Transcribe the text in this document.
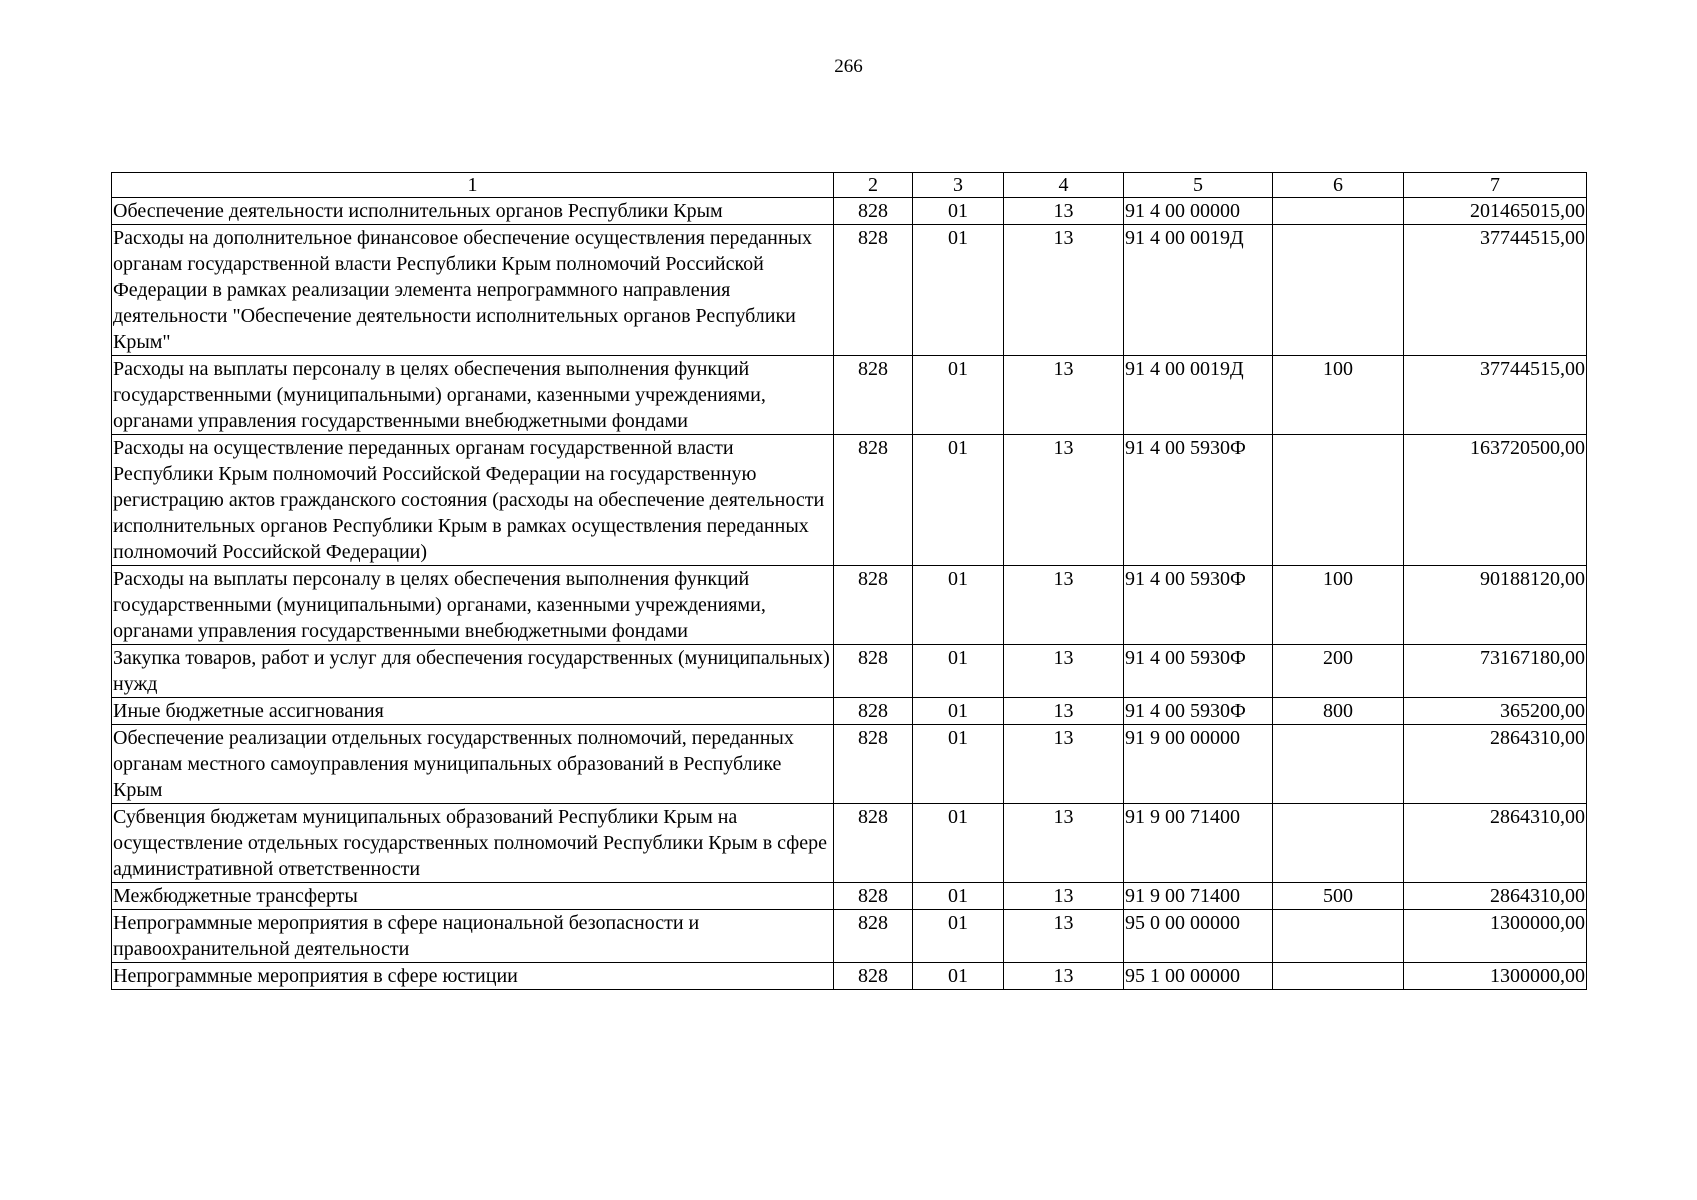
266
1	2	3	4	5	6	7
Обеспечение деятельности исполнительных органов Республики Крым	828	01	13	91 4 00 00000		201465015,00
Расходы на дополнительное финансовое обеспечение осуществления переданных органам государственной власти Республики Крым полномочий Российской Федерации в рамках реализации элемента непрограммного направления деятельности "Обеспечение деятельности исполнительных органов Республики Крым"	828	01	13	91 4 00 0019Д		37744515,00
Расходы на выплаты персоналу в целях обеспечения выполнения функций государственными (муниципальными) органами, казенными учреждениями, органами управления государственными внебюджетными фондами	828	01	13	91 4 00 0019Д	100	37744515,00
Расходы на осуществление переданных органам государственной власти Республики Крым полномочий Российской Федерации на государственную регистрацию актов гражданского состояния (расходы на обеспечение деятельности исполнительных органов Республики Крым в рамках осуществления переданных полномочий Российской Федерации)	828	01	13	91 4 00 5930Ф		163720500,00
Расходы на выплаты персоналу в целях обеспечения выполнения функций государственными (муниципальными) органами, казенными учреждениями, органами управления государственными внебюджетными фондами	828	01	13	91 4 00 5930Ф	100	90188120,00
Закупка товаров, работ и услуг для обеспечения государственных (муниципальных) нужд	828	01	13	91 4 00 5930Ф	200	73167180,00
Иные бюджетные ассигнования	828	01	13	91 4 00 5930Ф	800	365200,00
Обеспечение реализации отдельных государственных полномочий, переданных органам местного самоуправления муниципальных образований в Республике Крым	828	01	13	91 9 00 00000		2864310,00
Субвенция бюджетам муниципальных образований Республики Крым на осуществление отдельных государственных полномочий Республики Крым в сфере административной ответственности	828	01	13	91 9 00 71400		2864310,00
Межбюджетные трансферты	828	01	13	91 9 00 71400	500	2864310,00
Непрограммные мероприятия в сфере национальной безопасности и правоохранительной деятельности	828	01	13	95 0 00 00000		1300000,00
Непрограммные мероприятия в сфере юстиции	828	01	13	95 1 00 00000		1300000,00
